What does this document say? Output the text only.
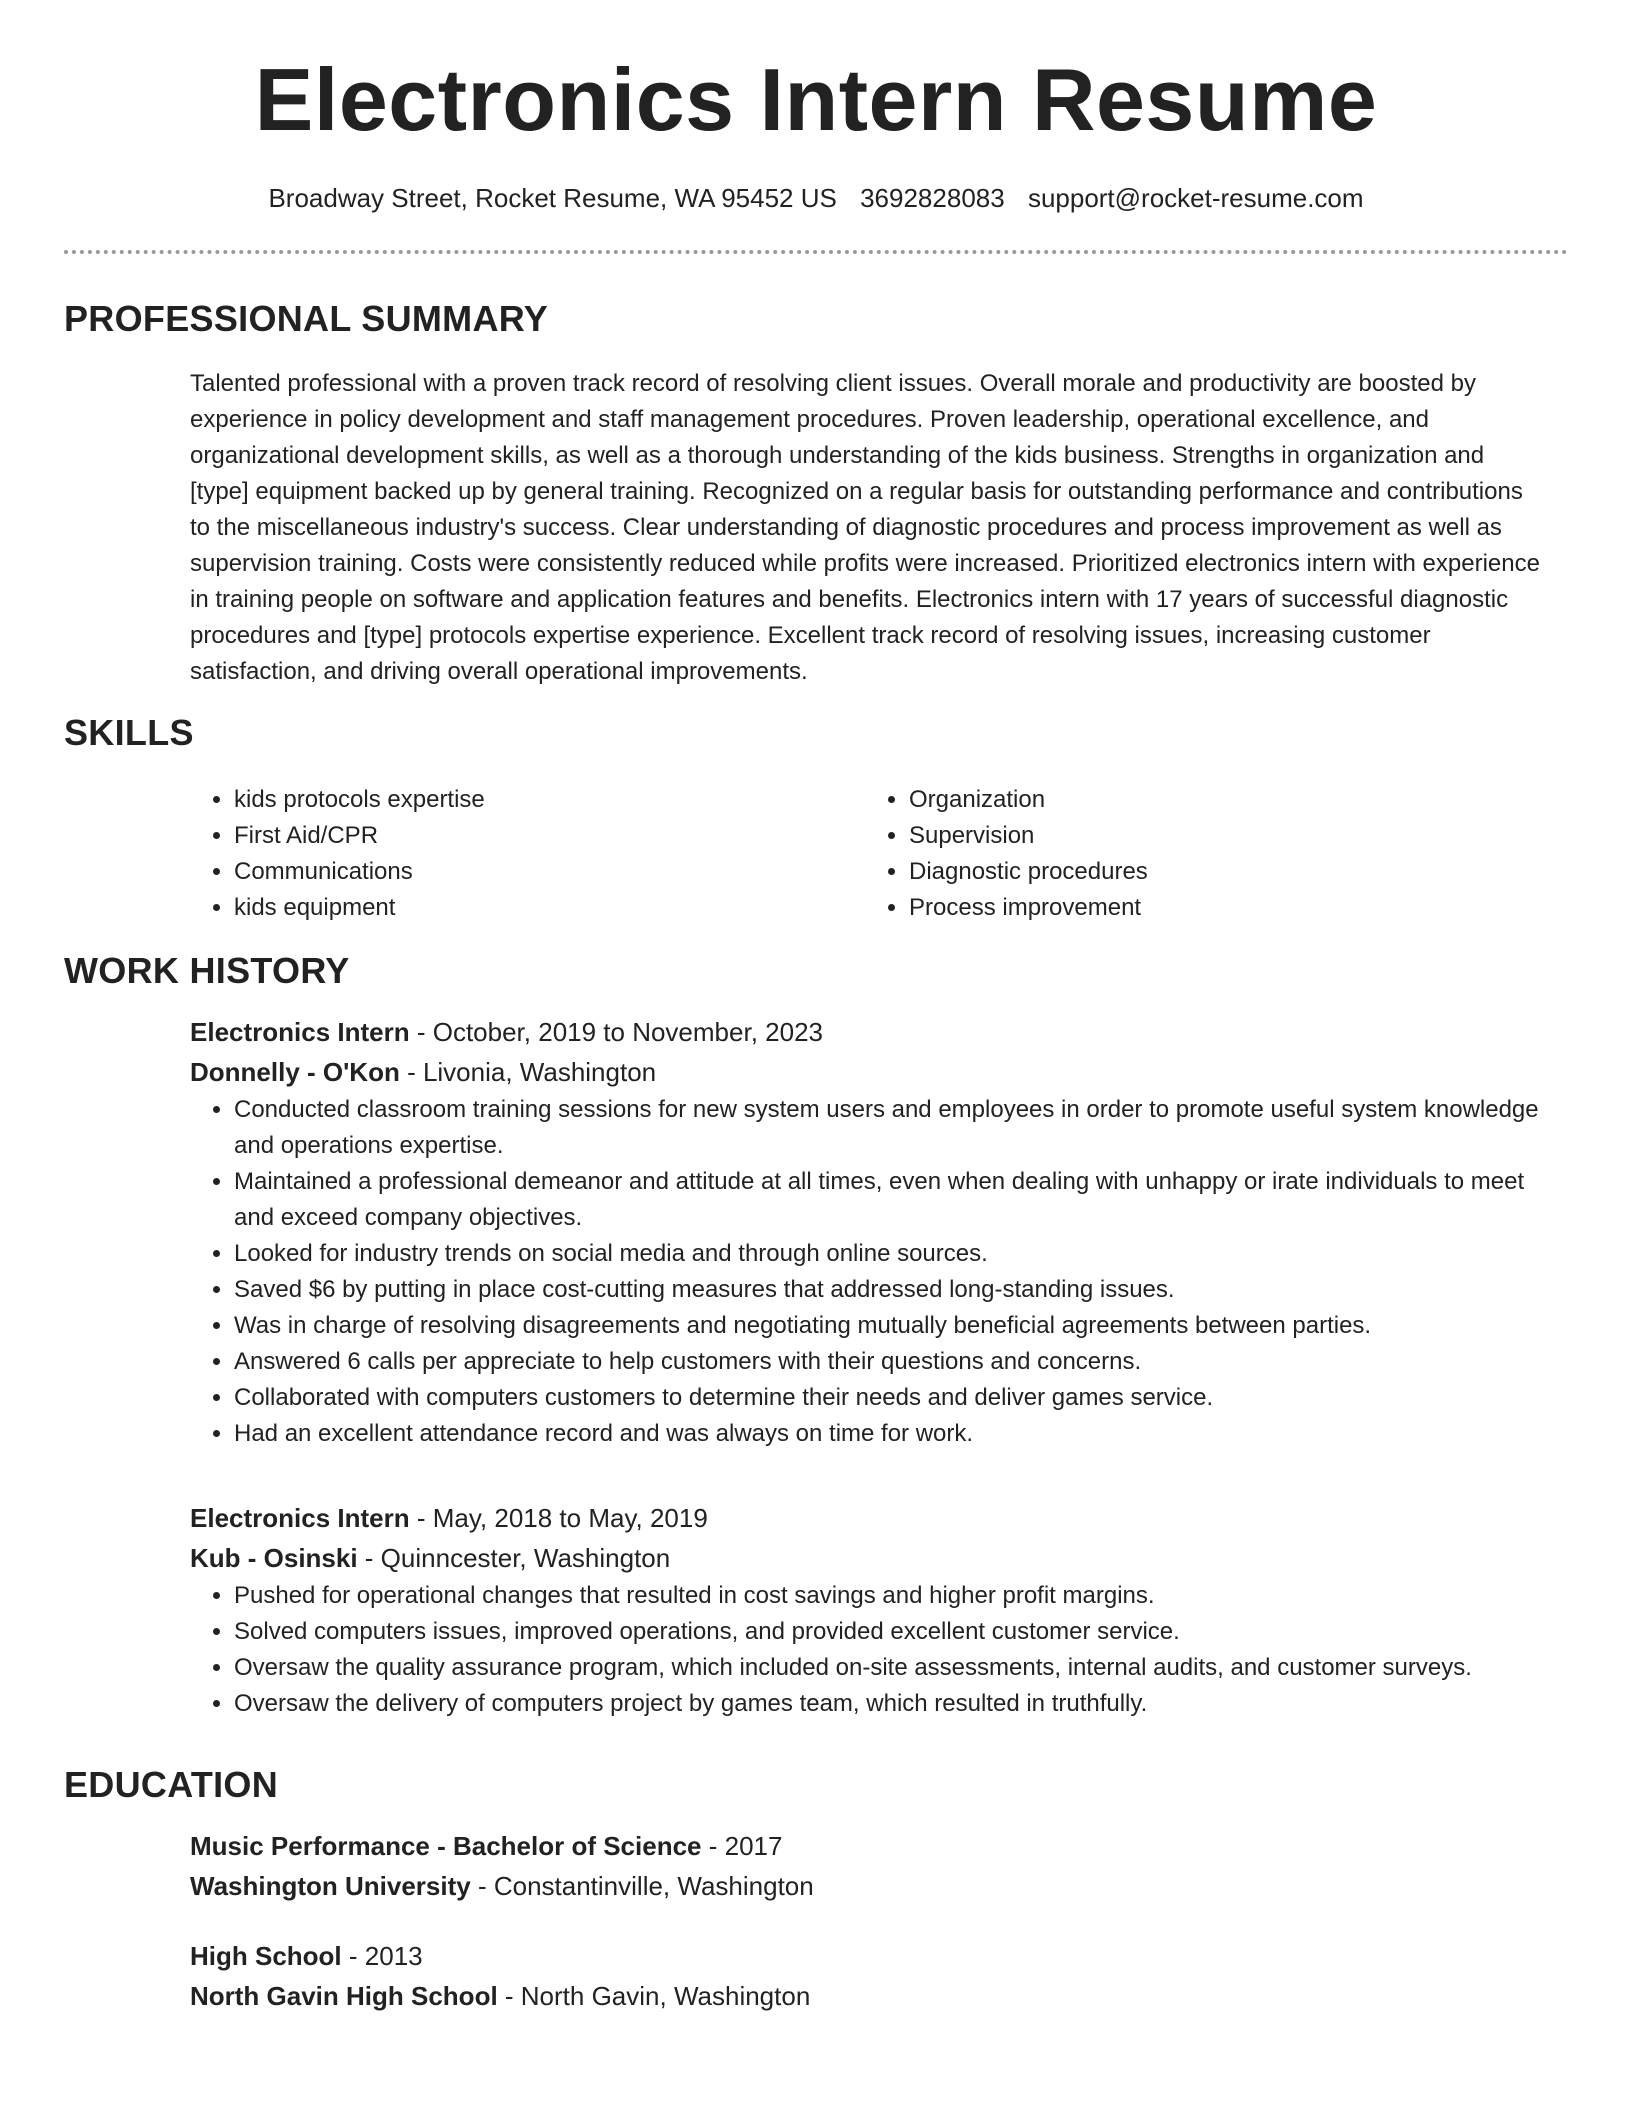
Electronics Intern Resume
Broadway Street, Rocket Resume, WA 95452 US 3692828083 support@rocket-resume.com
PROFESSIONAL SUMMARY
Talented professional with a proven track record of resolving client issues. Overall morale and productivity are boosted by experience in policy development and staff management procedures. Proven leadership, operational excellence, and organizational development skills, as well as a thorough understanding of the kids business. Strengths in organization and [type] equipment backed up by general training. Recognized on a regular basis for outstanding performance and contributions to the miscellaneous industry's success. Clear understanding of diagnostic procedures and process improvement as well as supervision training. Costs were consistently reduced while profits were increased. Prioritized electronics intern with experience in training people on software and application features and benefits. Electronics intern with 17 years of successful diagnostic procedures and [type] protocols expertise experience. Excellent track record of resolving issues, increasing customer satisfaction, and driving overall operational improvements.
SKILLS
• kids protocols expertise
• First Aid/CPR
• Communications
• kids equipment
• Organization
• Supervision
• Diagnostic procedures
• Process improvement
WORK HISTORY
Electronics Intern - October, 2019 to November, 2023
Donnelly - O'Kon - Livonia, Washington
• Conducted classroom training sessions for new system users and employees in order to promote useful system knowledge and operations expertise.
• Maintained a professional demeanor and attitude at all times, even when dealing with unhappy or irate individuals to meet and exceed company objectives.
• Looked for industry trends on social media and through online sources.
• Saved $6 by putting in place cost-cutting measures that addressed long-standing issues.
• Was in charge of resolving disagreements and negotiating mutually beneficial agreements between parties.
• Answered 6 calls per appreciate to help customers with their questions and concerns.
• Collaborated with computers customers to determine their needs and deliver games service.
• Had an excellent attendance record and was always on time for work.
Electronics Intern - May, 2018 to May, 2019
Kub - Osinski - Quinncester, Washington
• Pushed for operational changes that resulted in cost savings and higher profit margins.
• Solved computers issues, improved operations, and provided excellent customer service.
• Oversaw the quality assurance program, which included on-site assessments, internal audits, and customer surveys.
• Oversaw the delivery of computers project by games team, which resulted in truthfully.
EDUCATION
Music Performance - Bachelor of Science - 2017
Washington University - Constantinville, Washington
High School - 2013
North Gavin High School - North Gavin, Washington
